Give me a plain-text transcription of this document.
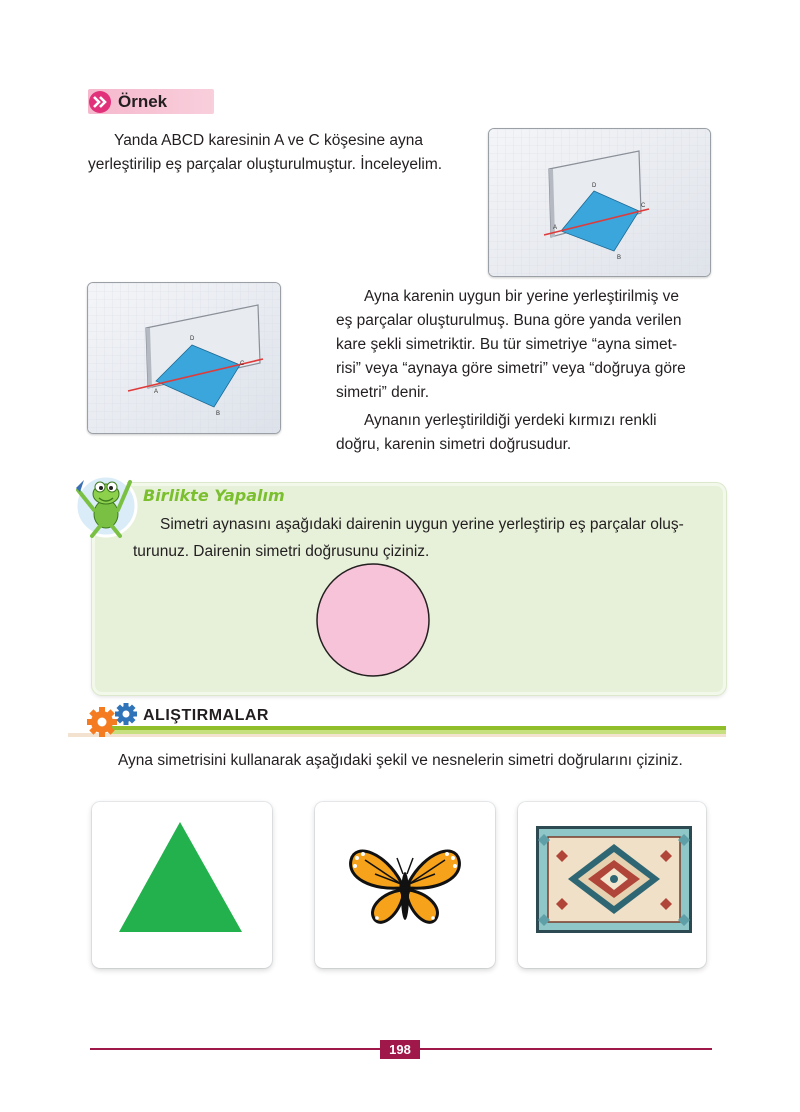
Örnek

Yanda ABCD karesinin A ve C köşesine ayna

yerleştirilip eş parçalar oluşturulmuştur. İnceleyelim.

A
B
C
D
A
B
C
D

Ayna karenin uygun bir yerine yerleştirilmiş ve

eş parçalar oluşturulmuş. Buna göre yanda verilen

kare şekli simetriktir. Bu tür simetriye “ayna simet-

risi” veya “aynaya göre simetri” veya “doğruya göre

simetri” denir.

Aynanın yerleştirildiği yerdeki kırmızı renkli

doğru, karenin simetri doğrusudur.

Birlikte Yapalım

Simetri aynasını aşağıdaki dairenin uygun yerine yerleştirip eş parçalar oluş-

turunuz. Dairenin simetri doğrusunu çiziniz.

ALIŞTIRMALAR

Ayna simetrisini kullanarak aşağıdaki şekil ve nesnelerin simetri doğrularını çiziniz.

198
